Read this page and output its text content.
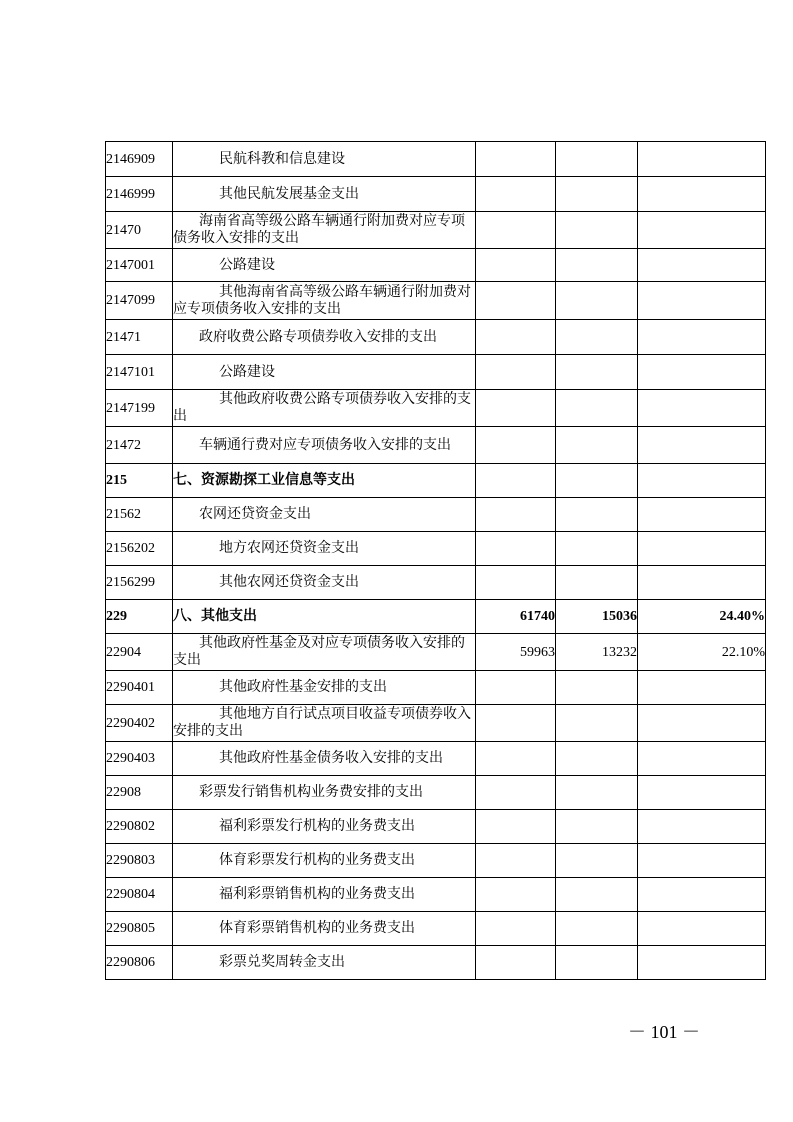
2146909	民航科教和信息建设			
2146999	其他民航发展基金支出			
21470	海南省高等级公路车辆通行附加费对应专项债务收入安排的支出			
2147001	公路建设			
2147099	其他海南省高等级公路车辆通行附加费对应专项债务收入安排的支出			
21471	政府收费公路专项债券收入安排的支出			
2147101	公路建设			
2147199	其他政府收费公路专项债券收入安排的支出			
21472	车辆通行费对应专项债务收入安排的支出			
215	七、资源勘探工业信息等支出			
21562	农网还贷资金支出			
2156202	地方农网还贷资金支出			
2156299	其他农网还贷资金支出			
229	八、其他支出	61740	15036	24.40%
22904	其他政府性基金及对应专项债务收入安排的支出	59963	13232	22.10%
2290401	其他政府性基金安排的支出			
2290402	其他地方自行试点项目收益专项债券收入安排的支出			
2290403	其他政府性基金债务收入安排的支出			
22908	彩票发行销售机构业务费安排的支出			
2290802	福利彩票发行机构的业务费支出			
2290803	体育彩票发行机构的业务费支出			
2290804	福利彩票销售机构的业务费支出			
2290805	体育彩票销售机构的业务费支出			
2290806	彩票兑奖周转金支出			
－ 101 －
